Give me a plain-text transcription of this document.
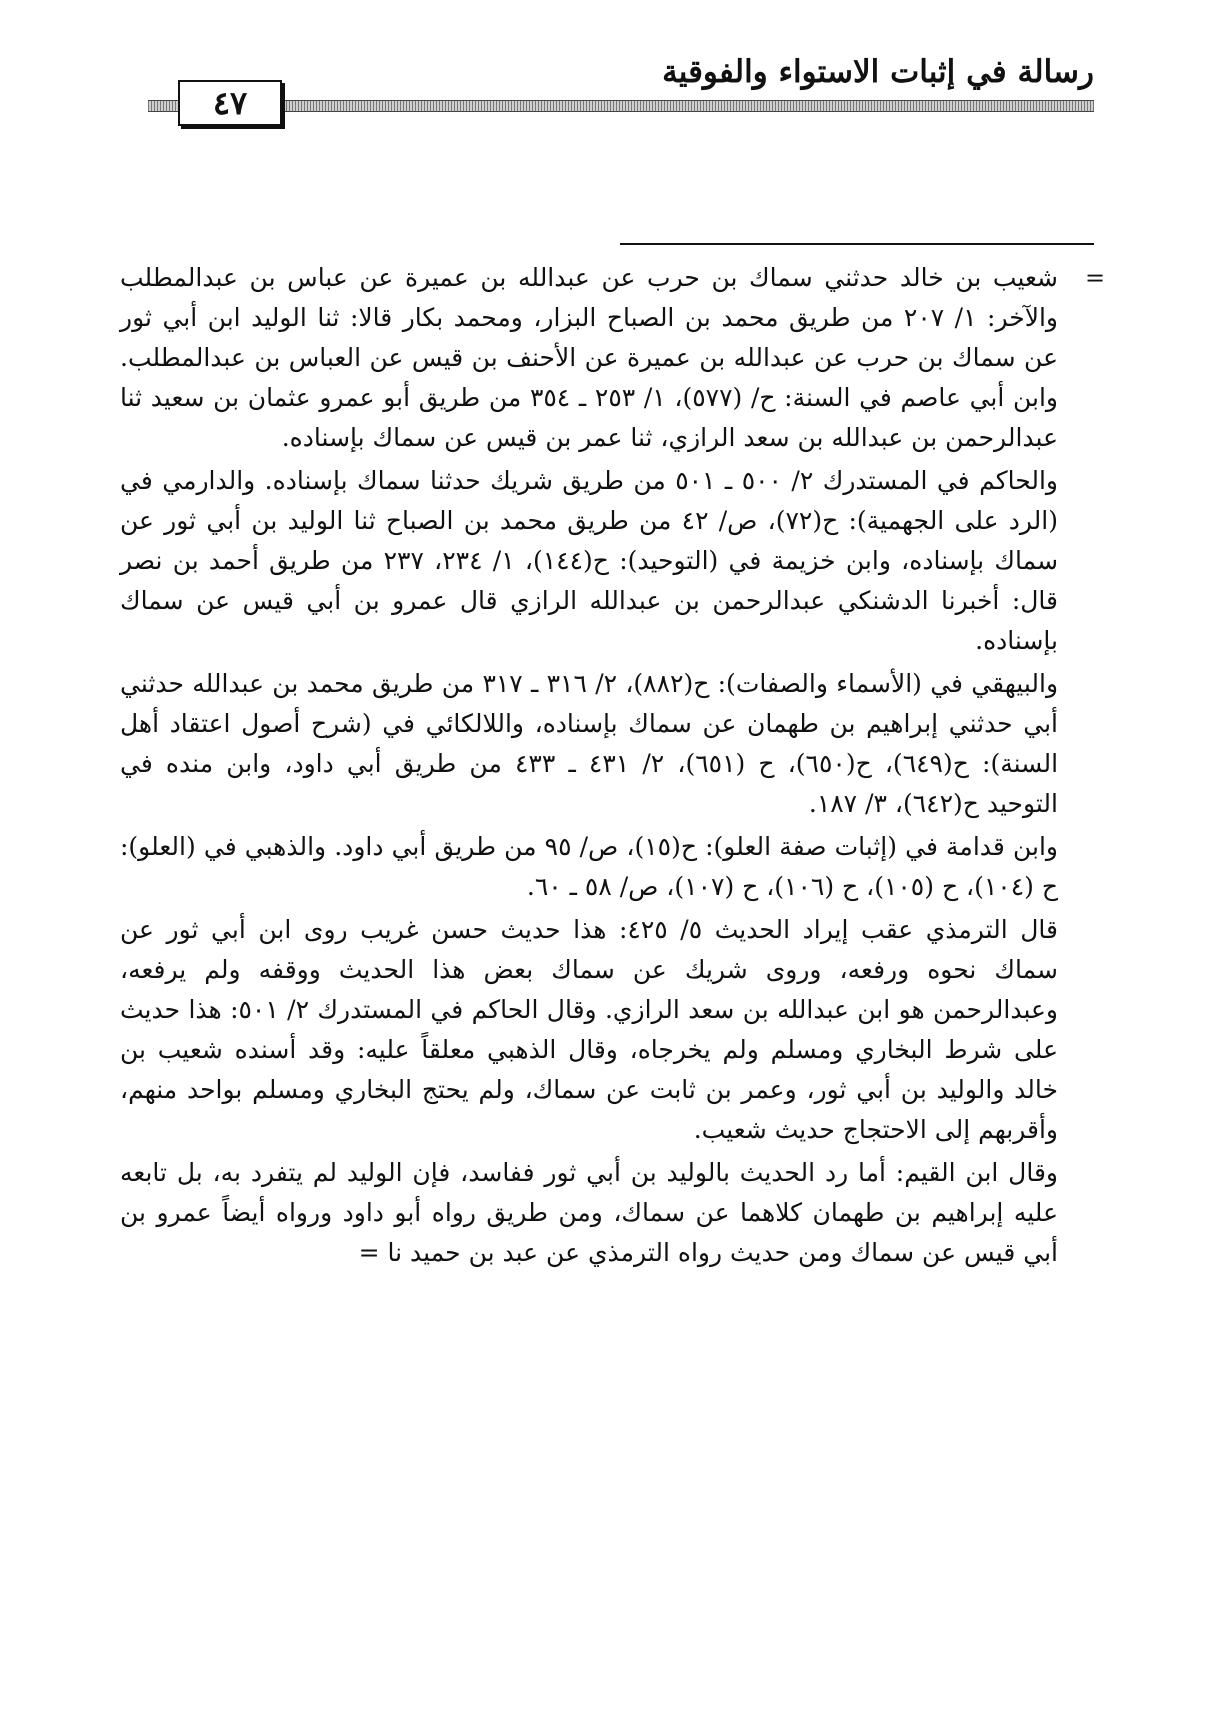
رسالة في إثبات الاستواء والفوقية
٤٧
=

شعيب بن خالد حدثني سماك بن حرب عن عبدالله بن عميرة عن عباس بن عبدالمطلب والآخر: ١/ ٢٠٧ من طريق محمد بن الصباح البزار، ومحمد بكار قالا: ثنا الوليد ابن أبي ثور عن سماك بن حرب عن عبدالله بن عميرة عن الأحنف بن قيس عن العباس بن عبدالمطلب. وابن أبي عاصم في السنة: ح/ (٥٧٧)، ١/ ٢٥٣ ـ ٣٥٤ من طريق أبو عمرو عثمان بن سعيد ثنا عبدالرحمن بن عبدالله بن سعد الرازي، ثنا عمر بن قيس عن سماك بإسناده.

والحاكم في المستدرك ٢/ ٥٠٠ ـ ٥٠١ من طريق شريك حدثنا سماك بإسناده. والدارمي في (الرد على الجهمية): ح(٧٢)، ص/ ٤٢ من طريق محمد بن الصباح ثنا الوليد بن أبي ثور عن سماك بإسناده، وابن خزيمة في (التوحيد): ح(١٤٤)، ١/ ٢٣٤، ٢٣٧ من طريق أحمد بن نصر قال: أخبرنا الدشنكي عبدالرحمن بن عبدالله الرازي قال عمرو بن أبي قيس عن سماك بإسناده.

والبيهقي في (الأسماء والصفات): ح(٨٨٢)، ٢/ ٣١٦ ـ ٣١٧ من طريق محمد بن عبدالله حدثني أبي حدثني إبراهيم بن طهمان عن سماك بإسناده، واللالكائي في (شرح أصول اعتقاد أهل السنة): ح(٦٤٩)، ح(٦٥٠)، ح (٦٥١)، ٢/ ٤٣١ ـ ٤٣٣ من طريق أبي داود، وابن منده في التوحيد ح(٦٤٢)، ٣/ ١٨٧.

وابن قدامة في (إثبات صفة العلو): ح(١٥)، ص/ ٩٥ من طريق أبي داود. والذهبي في (العلو): ح (١٠٤)، ح (١٠٥)، ح (١٠٦)، ح (١٠٧)، ص/ ٥٨ ـ ٦٠.

قال الترمذي عقب إيراد الحديث ٥/ ٤٢٥: هذا حديث حسن غريب روى ابن أبي ثور عن سماك نحوه ورفعه، وروى شريك عن سماك بعض هذا الحديث ووقفه ولم يرفعه، وعبدالرحمن هو ابن عبدالله بن سعد الرازي. وقال الحاكم في المستدرك ٢/ ٥٠١: هذا حديث على شرط البخاري ومسلم ولم يخرجاه، وقال الذهبي معلقاً عليه: وقد أسنده شعيب بن خالد والوليد بن أبي ثور، وعمر بن ثابت عن سماك، ولم يحتج البخاري ومسلم بواحد منهم، وأقربهم إلى الاحتجاج حديث شعيب.

وقال ابن القيم: أما رد الحديث بالوليد بن أبي ثور ففاسد، فإن الوليد لم يتفرد به، بل تابعه عليه إبراهيم بن طهمان كلاهما عن سماك، ومن طريق رواه أبو داود ورواه أيضاً عمرو بن أبي قيس عن سماك ومن حديث رواه الترمذي عن عبد بن حميد نا =
